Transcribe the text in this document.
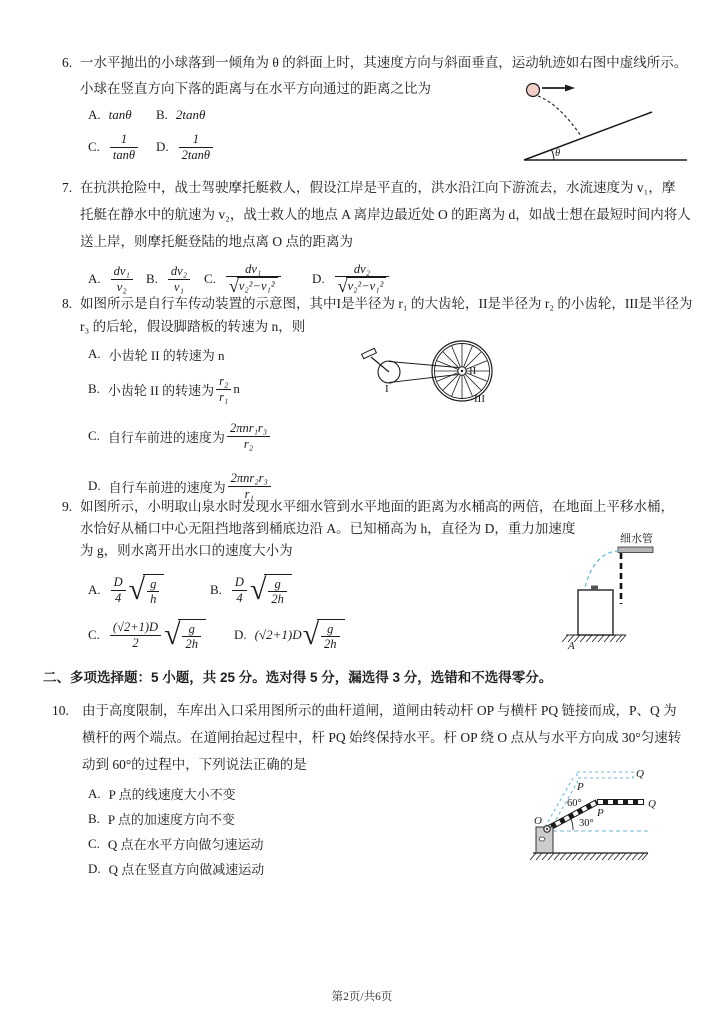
6. 一水平抛出的小球落到一倾角为 θ 的斜面上时，其速度方向与斜面垂直，运动轨迹如右图中虚线所示。
小球在竖直方向下落的距离与在水平方向通过的距离之比为
A. tanθ B. 2tanθ
C. $\frac{1}{\tan\theta} D$. $\frac{1}{2\tan\theta}$	θ
7. 在抗洪抢险中，战士驾驶摩托艇救人，假设江岸是平直的，洪水沿江向下游流去，水流速度为 v₁，摩
托艇在静水中的航速为 v₂，战士救人的地点 A 离岸边最近处 O 的距离为 d，如战士想在最短时间内将人
送上岸，则摩托艇登陆的地点离 O 点的距离为
A. $\frac{\text{dv₁}}{\text{v₂}} B$. $\frac{\text{dv₂}}{\text{v₁}} C$. $\frac{\text{dv₁}}{\text{√ v₂²−v₁²}} D$. $\frac{\text{dv₂}}{\text{√ v₂²−v₁²}}$
8. 如图所示是自行车传动装置的示意图，其中I是半径为 r₁ 的大齿轮，II是半径为 r₂ 的小齿轮，III是半径为
r₃ 的后轮，假设脚踏板的转速为 n，则
A. 小齿轮 II 的转速为 n
B. 小齿轮 II 的转速为 $\frac{\text{r₂}}{\text{r₁}}$ n
C. 自行车前进的速度为 $\frac{\text{2πnr₁r₃}}{\text{r₂}}$
D. 自行车前进的速度为 $\frac{\text{2πnr₂r₃}}{\text{r₁}}$
I
II
III
9. 如图所示，小明取山泉水时发现水平细水管到水平地面的距离为水桶高的两倍，在地面上平移水桶，
水恰好从桶口中心无阻挡地落到桶底边沿 A。已知桶高为 h，直径为 D，重力加速度
为 g，则水离开出水口的速度大小为
A. $\frac{D}{4}$ √ $\frac{g}{h}$	B. $\frac{D}{4}$ √ $\frac{g}{2h}$
C. $\frac{(√2+1)D}{2}$ √ $\frac{g}{2h}$	D. (√2+1)D √ $\frac{g}{2h}$
细水管
A
二、多项选择题：5 小题，共 25 分。选对得 5 分，漏选得 3 分，选错和不选得零分。
10. 由于高度限制，车库出入口采用图所示的曲杆道闸，道闸由转动杆 OP 与横杆 PQ 链接而成，P、Q 为
横杆的两个端点。在道闸抬起过程中，杆 PQ 始终保持水平。杆 OP 绕 O 点从与水平方向成 30°匀速转
动到 60°的过程中，下列说法正确的是
A. P 点的线速度大小不变
B. P 点的加速度方向不变
C. Q 点在水平方向做匀速运动
D. Q 点在竖直方向做减速运动
Q
P
60°	Q
P
30°
O
第2页/共6页
